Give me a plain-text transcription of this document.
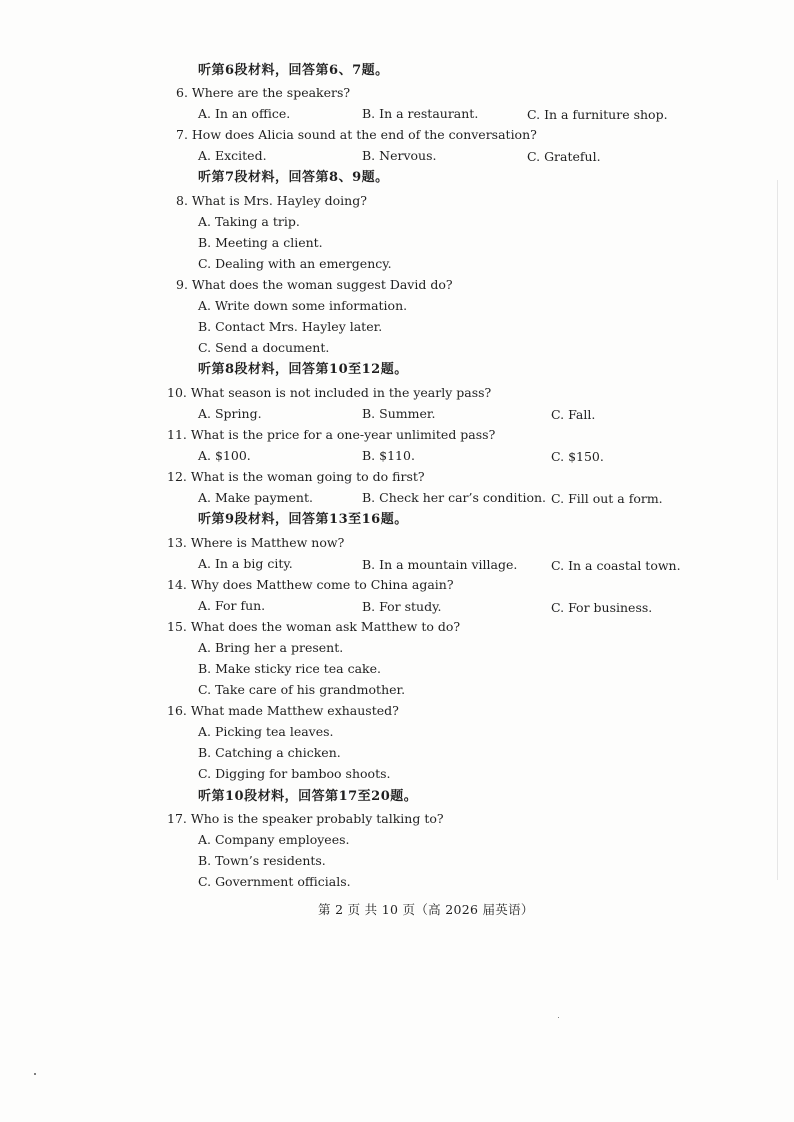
听第6段材料，回答第6、7题。
6. Where are the speakers?
A. In an office.	B. In a restaurant.	C. In a furniture shop.
7. How does Alicia sound at the end of the conversation?
A. Excited.	B. Nervous.	C. Grateful.
听第7段材料，回答第8、9题。
8. What is Mrs. Hayley doing?
A. Taking a trip.
B. Meeting a client.
C. Dealing with an emergency.
9. What does the woman suggest David do?
A. Write down some information.
B. Contact Mrs. Hayley later.
C. Send a document.
听第8段材料，回答第10至12题。
10. What season is not included in the yearly pass?
A. Spring.	B. Summer.	C. Fall.
11. What is the price for a one-year unlimited pass?
A. $100.	B. $110.	C. $150.
12. What is the woman going to do first?
A. Make payment.	B. Check her car’s condition. C. Fill out a form.
听第9段材料，回答第13至16题。
13. Where is Matthew now?
A. In a big city.	B. In a mountain village.	C. In a coastal town.
14. Why does Matthew come to China again?
A. For fun.	B. For study.	C. For business.
15. What does the woman ask Matthew to do?
A. Bring her a present.
B. Make sticky rice tea cake.
C. Take care of his grandmother.
16. What made Matthew exhausted?
A. Picking tea leaves.
B. Catching a chicken.
C. Digging for bamboo shoots.
听第10段材料，回答第17至20题。
17. Who is the speaker probably talking to?
A. Company employees.
B. Town’s residents.
C. Government officials.
第 2 页 共 10 页（高 2026 届英语）
